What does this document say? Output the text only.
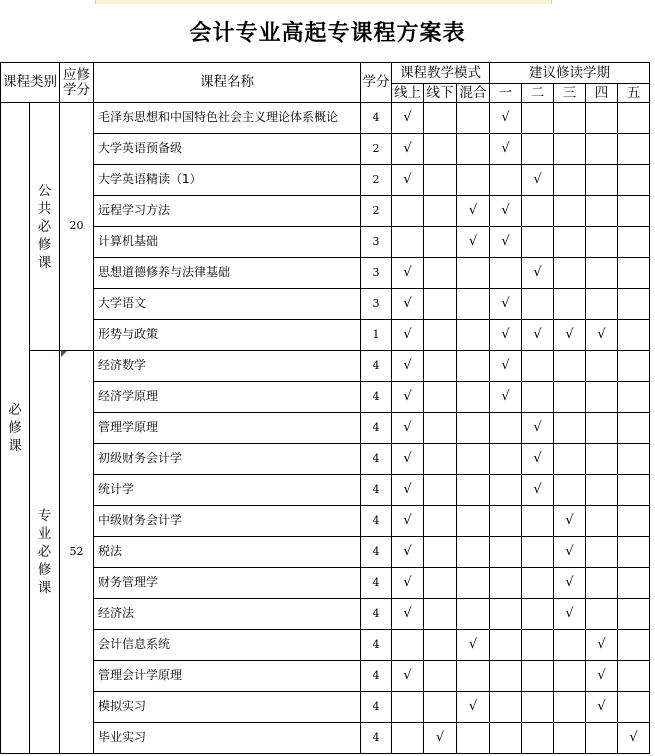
会计专业高起专课程方案表
课程类别		应修
学分	课程名称	学分	课程教学模式			建议修读学期				
					线上	线下	混合	一	二	三	四	五
必修课	公共必修课	20	毛泽东思想和中国特色社会主义理论体系概论	4	√			√				
			大学英语预备级	2	√			√				
			大学英语精读（1）	2	√				√			
			远程学习方法	2			√	√				
			计算机基础	3			√	√				
			思想道德修养与法律基础	3	√				√			
			大学语文	3	√			√				
			形势与政策	1	√			√	√	√	√	
	专业必修课	52	经济数学	4	√			√				
			经济学原理	4	√			√				
			管理学原理	4	√				√			
			初级财务会计学	4	√				√			
			统计学	4	√				√			
			中级财务会计学	4	√					√		
			税法	4	√					√		
			财务管理学	4	√					√		
			经济法	4	√					√		
			会计信息系统	4			√				√	
			管理会计学原理	4	√						√	
			模拟实习	4			√				√	
			毕业实习	4		√						√
